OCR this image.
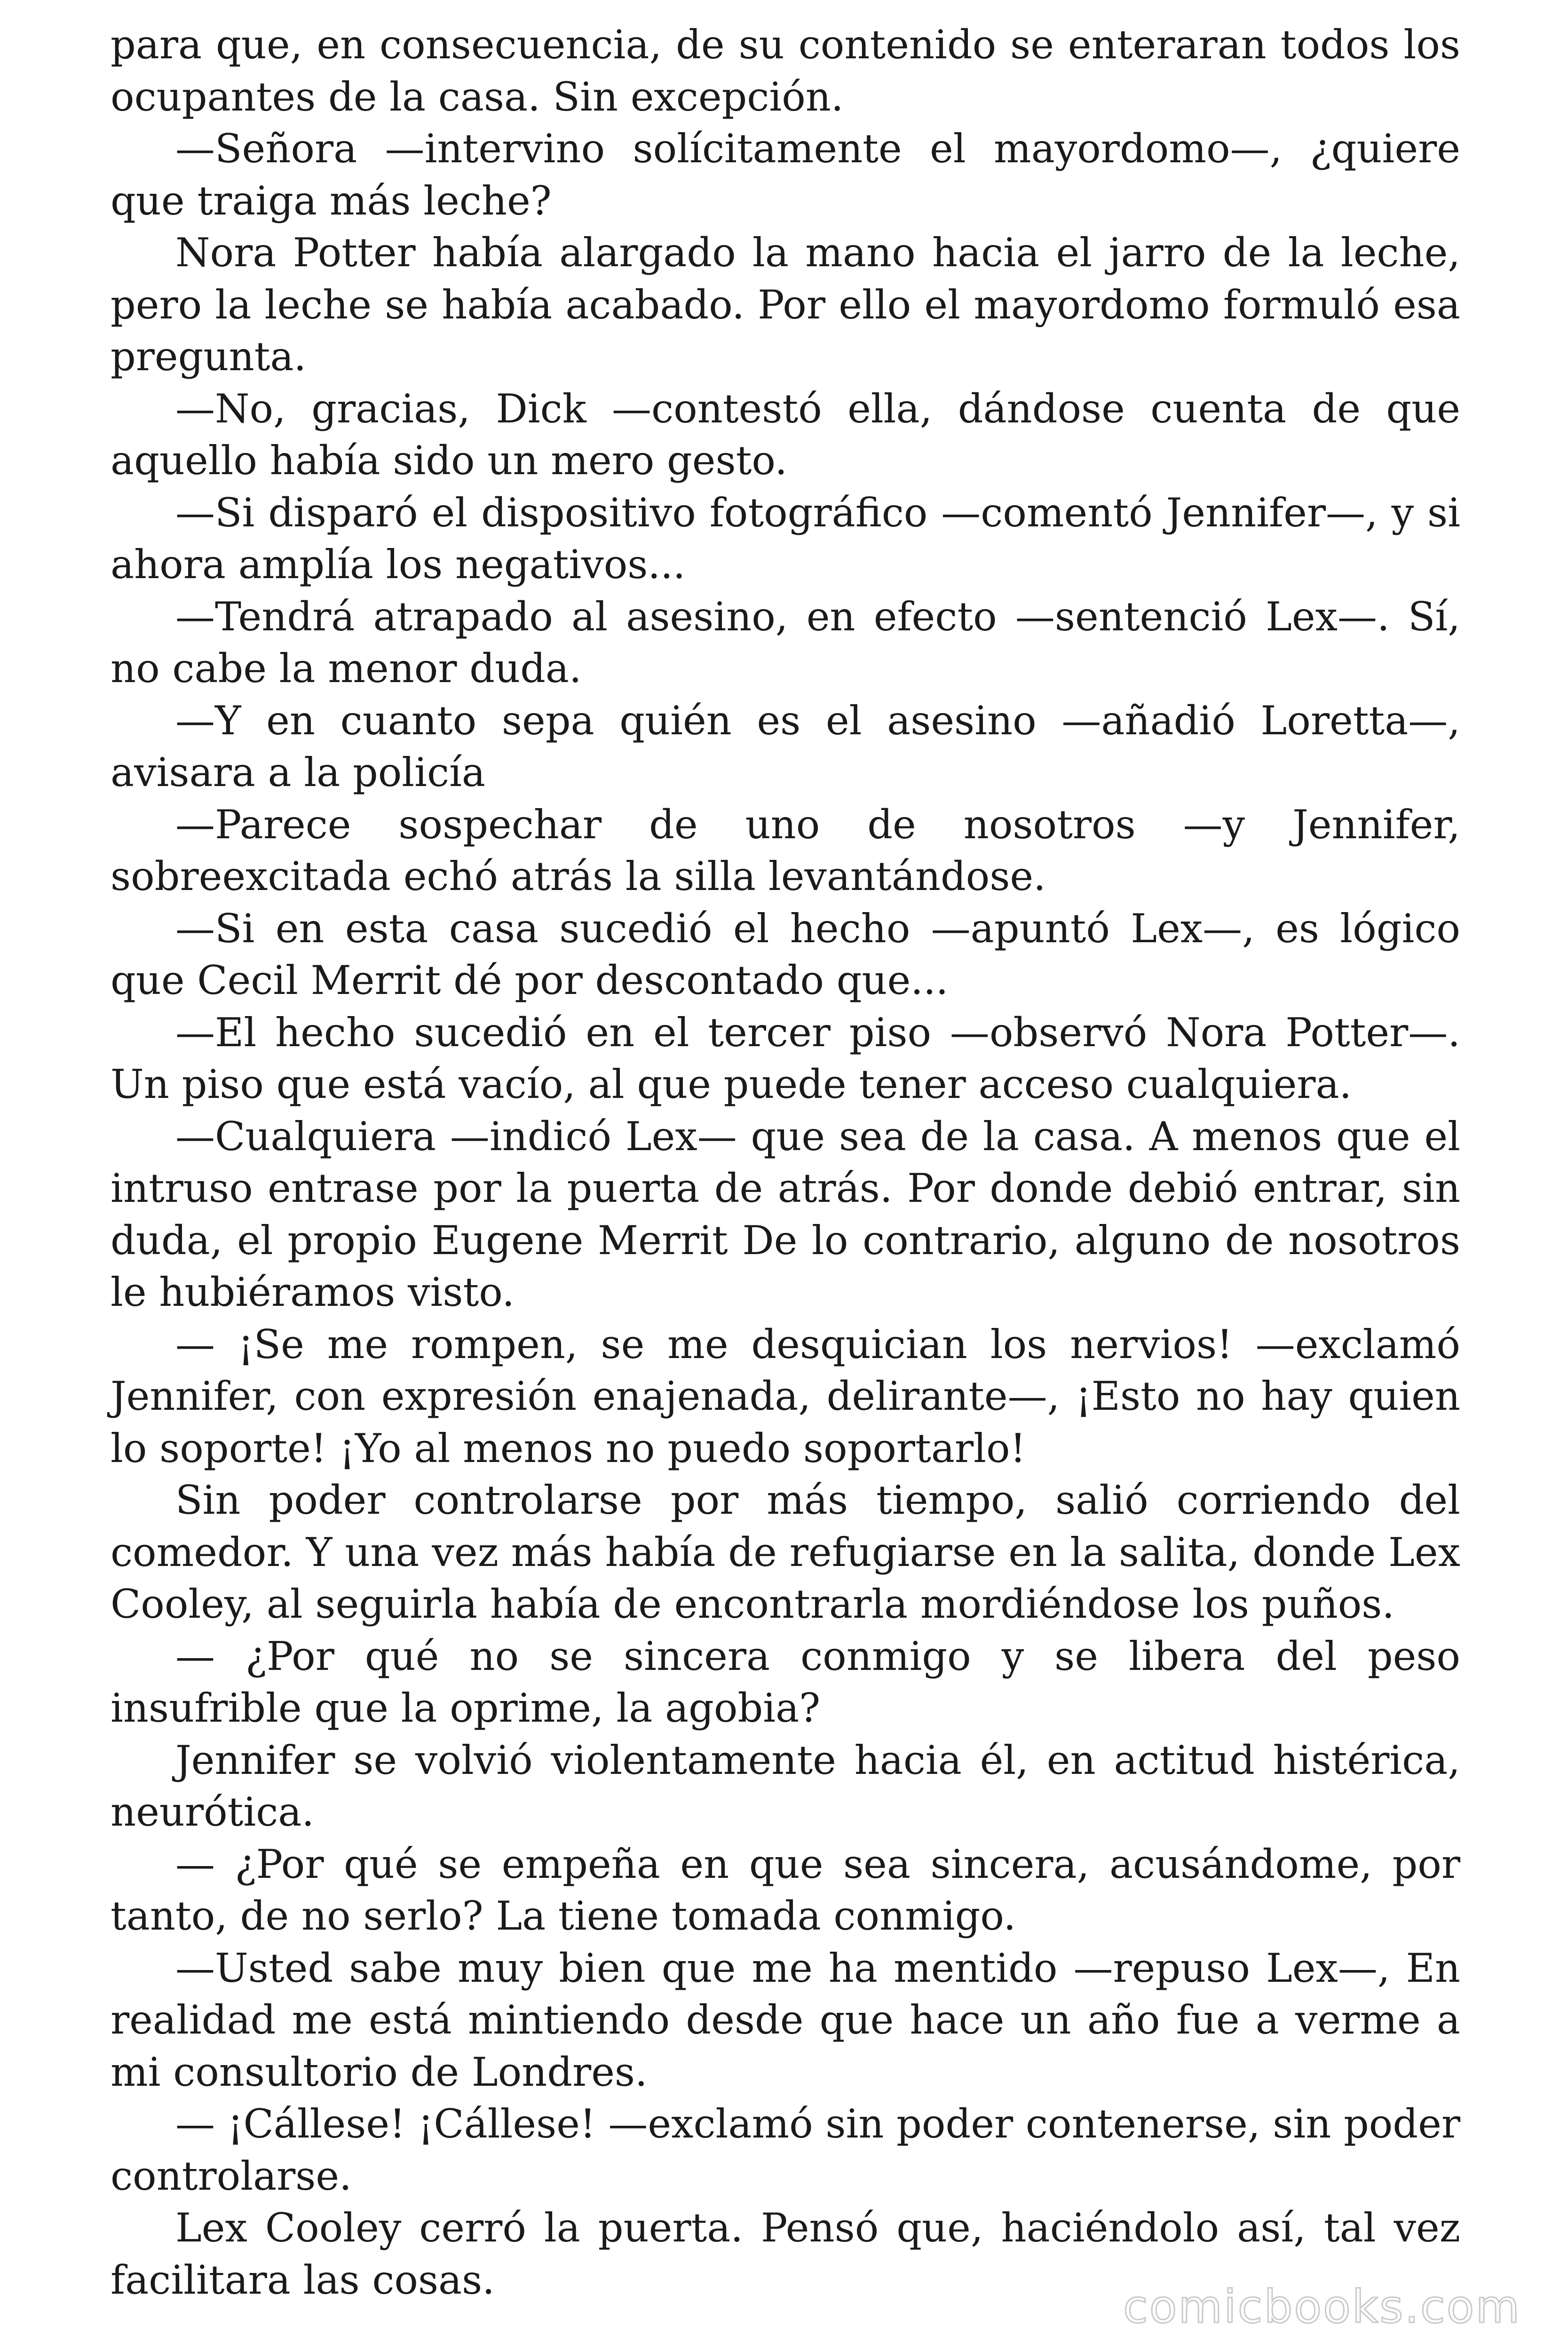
para que, en consecuencia, de su contenido se enteraran todos los ocupantes de la casa. Sin excepción.

—Señora —intervino solícitamente el mayordomo—, ¿quiere que traiga más leche?

Nora Potter había alargado la mano hacia el jarro de la leche, pero la leche se había acabado. Por ello el mayordomo formuló esa pregunta.

—No, gracias, Dick —contestó ella, dándose cuenta de que aquello había sido un mero gesto.

—Si disparó el dispositivo fotográfico —comentó Jennifer—, y si ahora amplía los negativos...

—Tendrá atrapado al asesino, en efecto —sentenció Lex—. Sí, no cabe la menor duda.

—Y en cuanto sepa quién es el asesino —añadió Loretta—, avisara a la policía

—Parece sospechar de uno de nosotros —y Jennifer, sobreexcitada echó atrás la silla levantándose.

—Si en esta casa sucedió el hecho —apuntó Lex—, es lógico que Cecil Merrit dé por descontado que...

—El hecho sucedió en el tercer piso —observó Nora Potter—. Un piso que está vacío, al que puede tener acceso cualquiera.

—Cualquiera —indicó Lex— que sea de la casa. A menos que el intruso entrase por la puerta de atrás. Por donde debió entrar, sin duda, el propio Eugene Merrit De lo contrario, alguno de nosotros le hubiéramos visto.

— ¡Se me rompen, se me desquician los nervios! —exclamó Jennifer, con expresión enajenada, delirante—, ¡Esto no hay quien lo soporte! ¡Yo al menos no puedo soportarlo!

Sin poder controlarse por más tiempo, salió corriendo del comedor. Y una vez más había de refugiarse en la salita, donde Lex Cooley, al seguirla había de encontrarla mordiéndose los puños.

— ¿Por qué no se sincera conmigo y se libera del peso insufrible que la oprime, la agobia?

Jennifer se volvió violentamente hacia él, en actitud histérica, neurótica.

— ¿Por qué se empeña en que sea sincera, acusándome, por tanto, de no serlo? La tiene tomada conmigo.

—Usted sabe muy bien que me ha mentido —repuso Lex—, En realidad me está mintiendo desde que hace un año fue a verme a mi consultorio de Londres.

— ¡Cállese! ¡Cállese! —exclamó sin poder contenerse, sin poder controlarse.

Lex Cooley cerró la puerta. Pensó que, haciéndolo así, tal vez facilitara las cosas.

comicbooks.com
